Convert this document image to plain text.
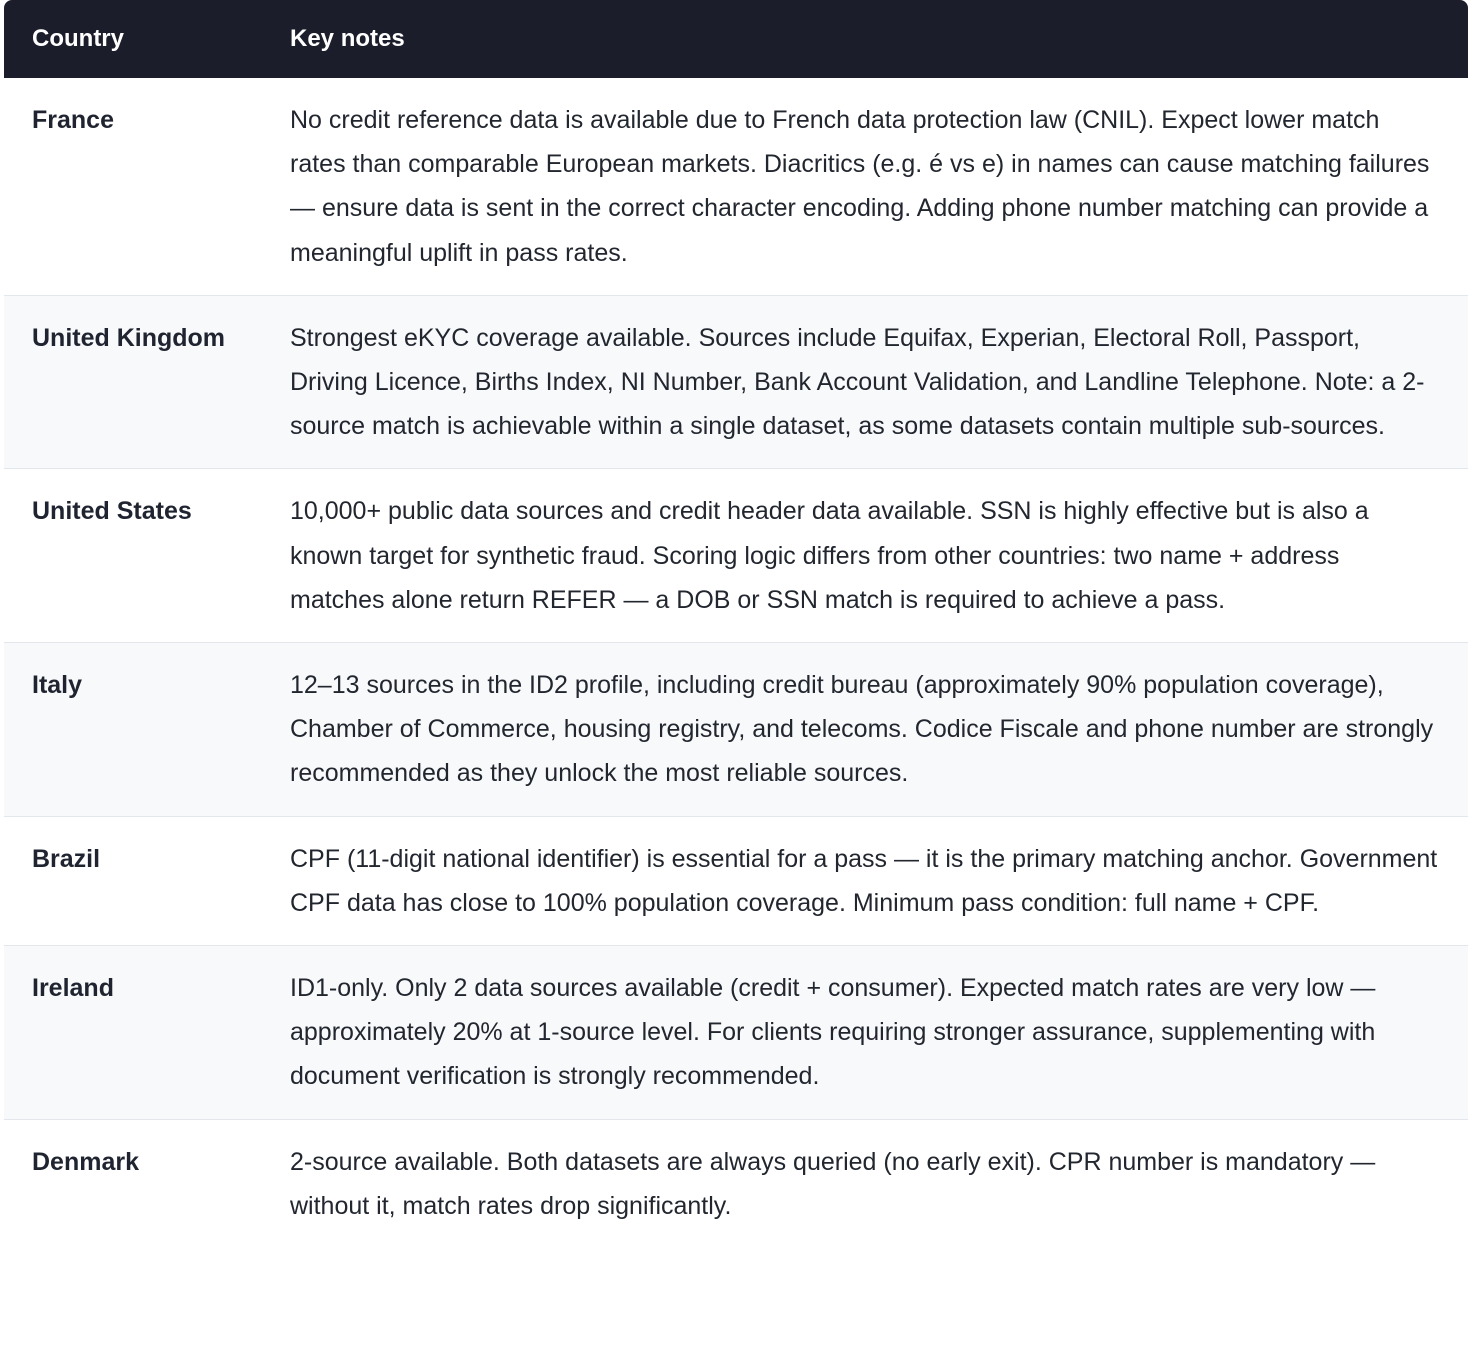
Country	Key notes
France	No credit reference data is available due to French data protection law (CNIL). Expect lower match rates than comparable European markets. Diacritics (e.g. é vs e) in names can cause matching failures — ensure data is sent in the correct character encoding. Adding phone number matching can provide a meaningful uplift in pass rates.
United Kingdom	Strongest eKYC coverage available. Sources include Equifax, Experian, Electoral Roll, Passport, Driving Licence, Births Index, NI Number, Bank Account Validation, and Landline Telephone. Note: a 2-source match is achievable within a single dataset, as some datasets contain multiple sub-sources.
United States	10,000+ public data sources and credit header data available. SSN is highly effective but is also a known target for synthetic fraud. Scoring logic differs from other countries: two name + address matches alone return REFER — a DOB or SSN match is required to achieve a pass.
Italy	12–13 sources in the ID2 profile, including credit bureau (approximately 90% population coverage), Chamber of Commerce, housing registry, and telecoms. Codice Fiscale and phone number are strongly recommended as they unlock the most reliable sources.
Brazil	CPF (11-digit national identifier) is essential for a pass — it is the primary matching anchor. Government CPF data has close to 100% population coverage. Minimum pass condition: full name + CPF.
Ireland	ID1-only. Only 2 data sources available (credit + consumer). Expected match rates are very low — approximately 20% at 1-source level. For clients requiring stronger assurance, supplementing with document verification is strongly recommended.
Denmark	2-source available. Both datasets are always queried (no early exit). CPR number is mandatory — without it, match rates drop significantly.
